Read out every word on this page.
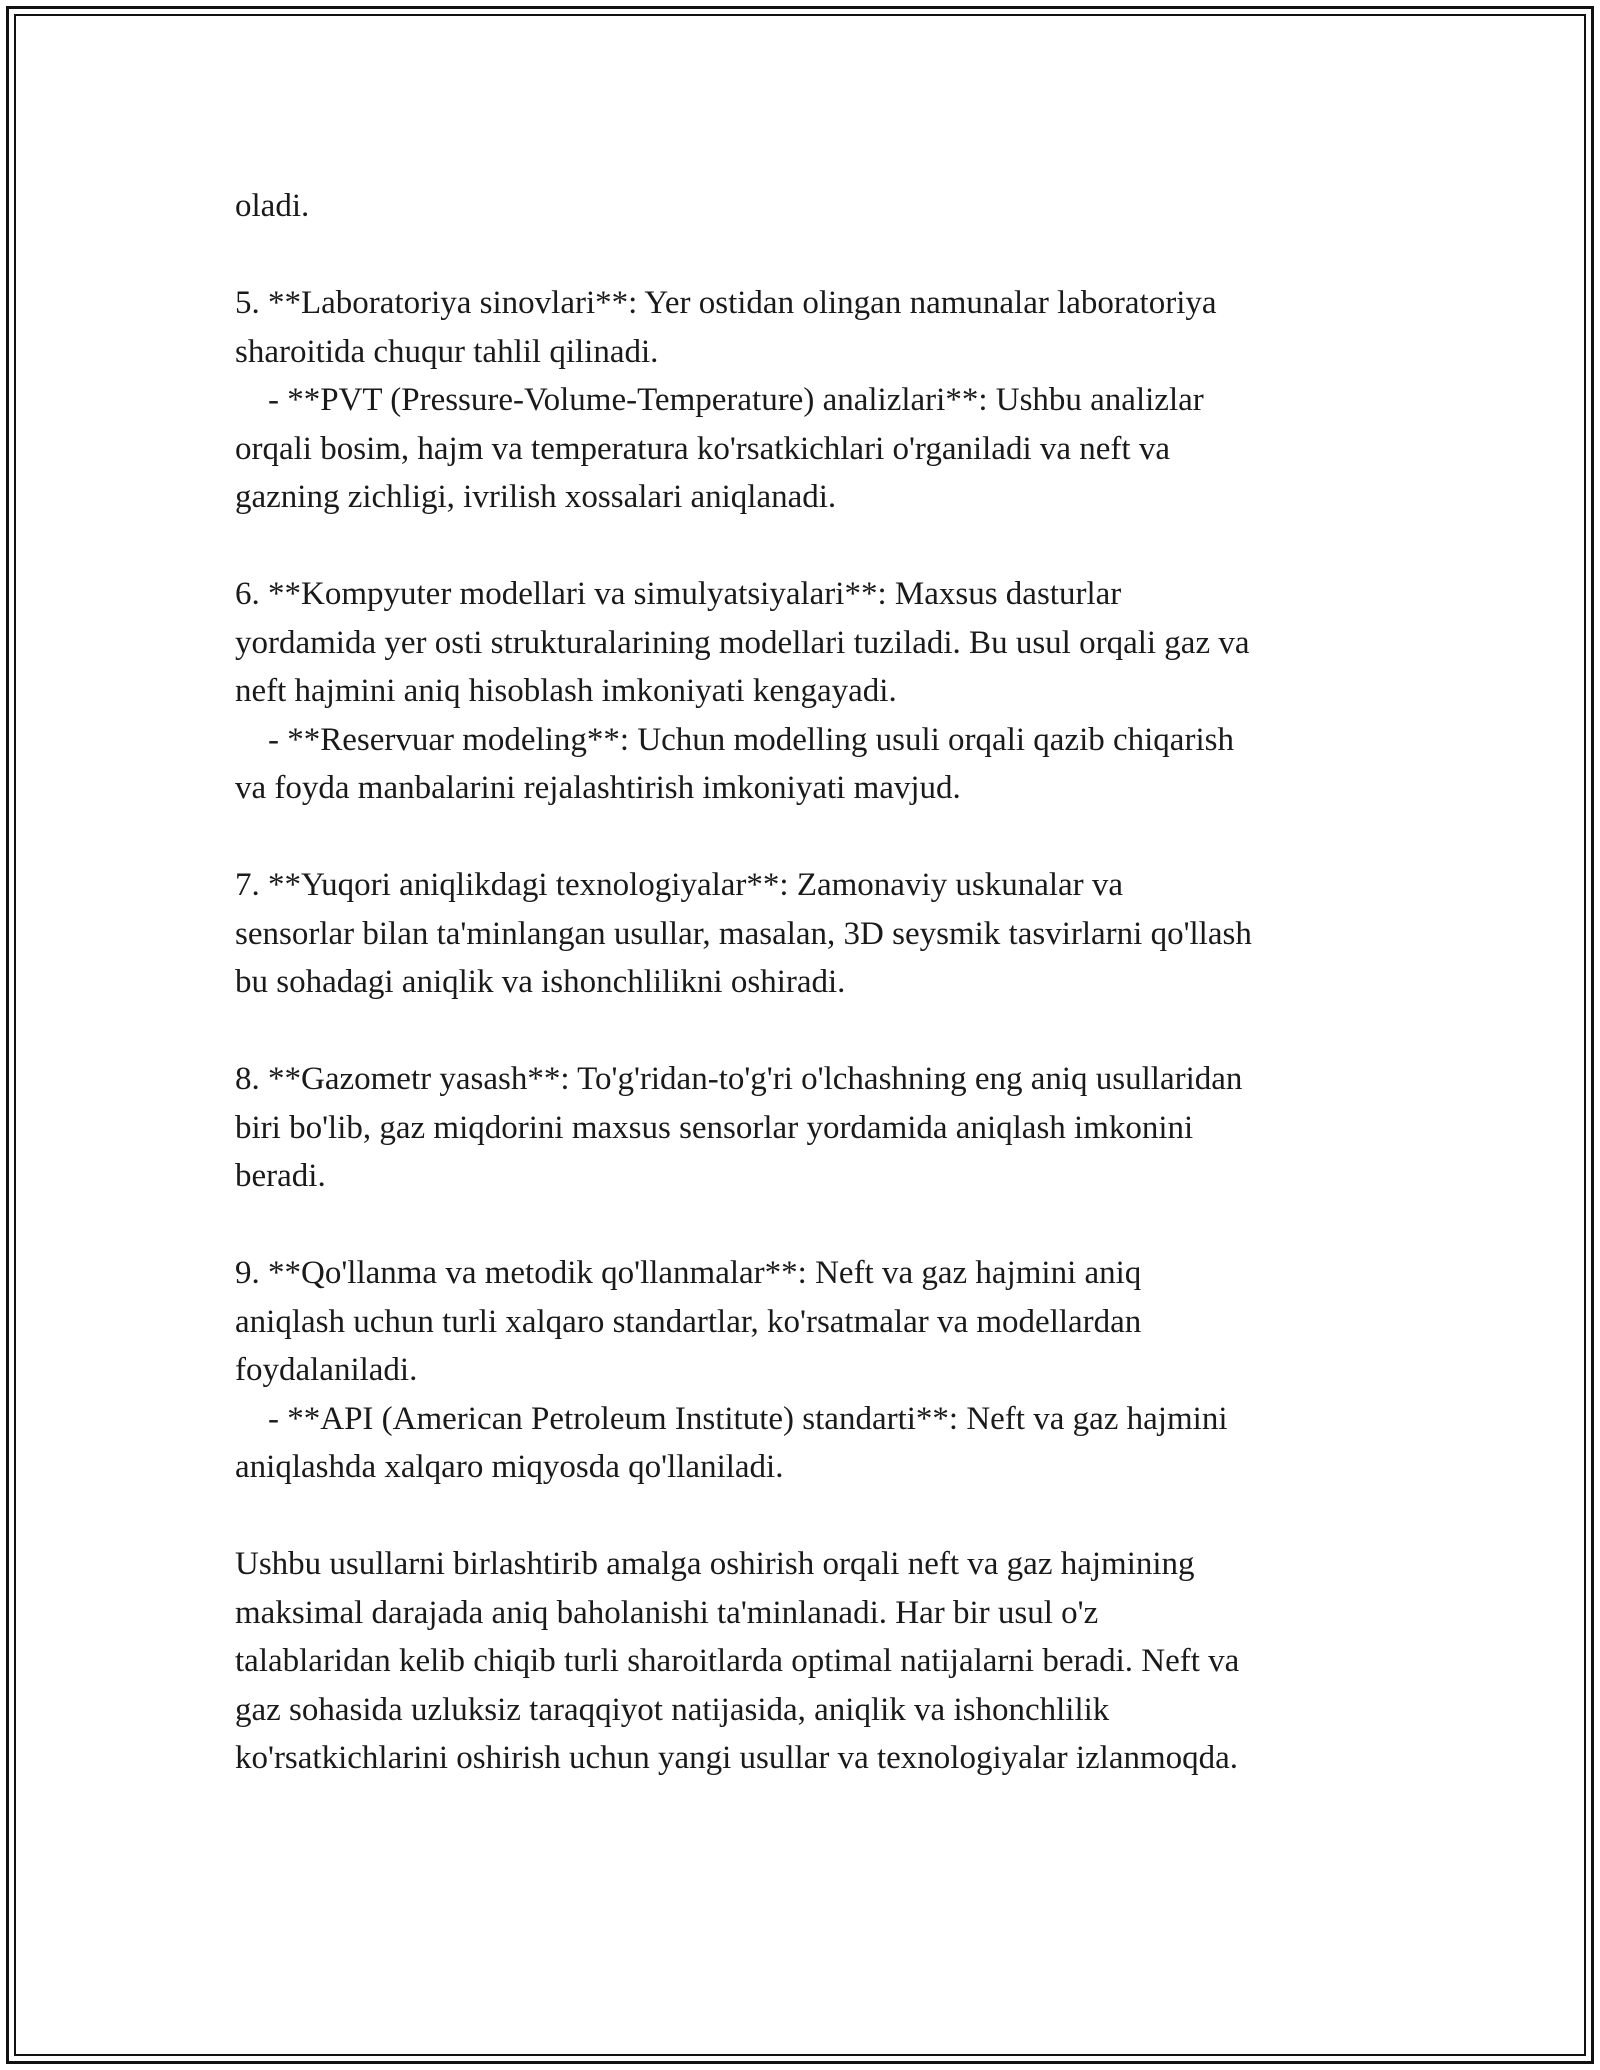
oladi.
5. **Laboratoriya sinovlari**: Yer ostidan olingan namunalar laboratoriya
sharoitida chuqur tahlil qilinadi.
- **PVT (Pressure-Volume-Temperature) analizlari**: Ushbu analizlar
orqali bosim, hajm va temperatura ko'rsatkichlari o'rganiladi va neft va
gazning zichligi, ivrilish xossalari aniqlanadi.
6. **Kompyuter modellari va simulyatsiyalari**: Maxsus dasturlar
yordamida yer osti strukturalarining modellari tuziladi. Bu usul orqali gaz va
neft hajmini aniq hisoblash imkoniyati kengayadi.
- **Reservuar modeling**: Uchun modelling usuli orqali qazib chiqarish
va foyda manbalarini rejalashtirish imkoniyati mavjud.
7. **Yuqori aniqlikdagi texnologiyalar**: Zamonaviy uskunalar va
sensorlar bilan ta'minlangan usullar, masalan, 3D seysmik tasvirlarni qo'llash
bu sohadagi aniqlik va ishonchlilikni oshiradi.
8. **Gazometr yasash**: To'g'ridan-to'g'ri o'lchashning eng aniq usullaridan
biri bo'lib, gaz miqdorini maxsus sensorlar yordamida aniqlash imkonini
beradi.
9. **Qo'llanma va metodik qo'llanmalar**: Neft va gaz hajmini aniq
aniqlash uchun turli xalqaro standartlar, ko'rsatmalar va modellardan
foydalaniladi.
- **API (American Petroleum Institute) standarti**: Neft va gaz hajmini
aniqlashda xalqaro miqyosda qo'llaniladi.
Ushbu usullarni birlashtirib amalga oshirish orqali neft va gaz hajmining
maksimal darajada aniq baholanishi ta'minlanadi. Har bir usul o'z
talablaridan kelib chiqib turli sharoitlarda optimal natijalarni beradi. Neft va
gaz sohasida uzluksiz taraqqiyot natijasida, aniqlik va ishonchlilik
ko'rsatkichlarini oshirish uchun yangi usullar va texnologiyalar izlanmoqda.
